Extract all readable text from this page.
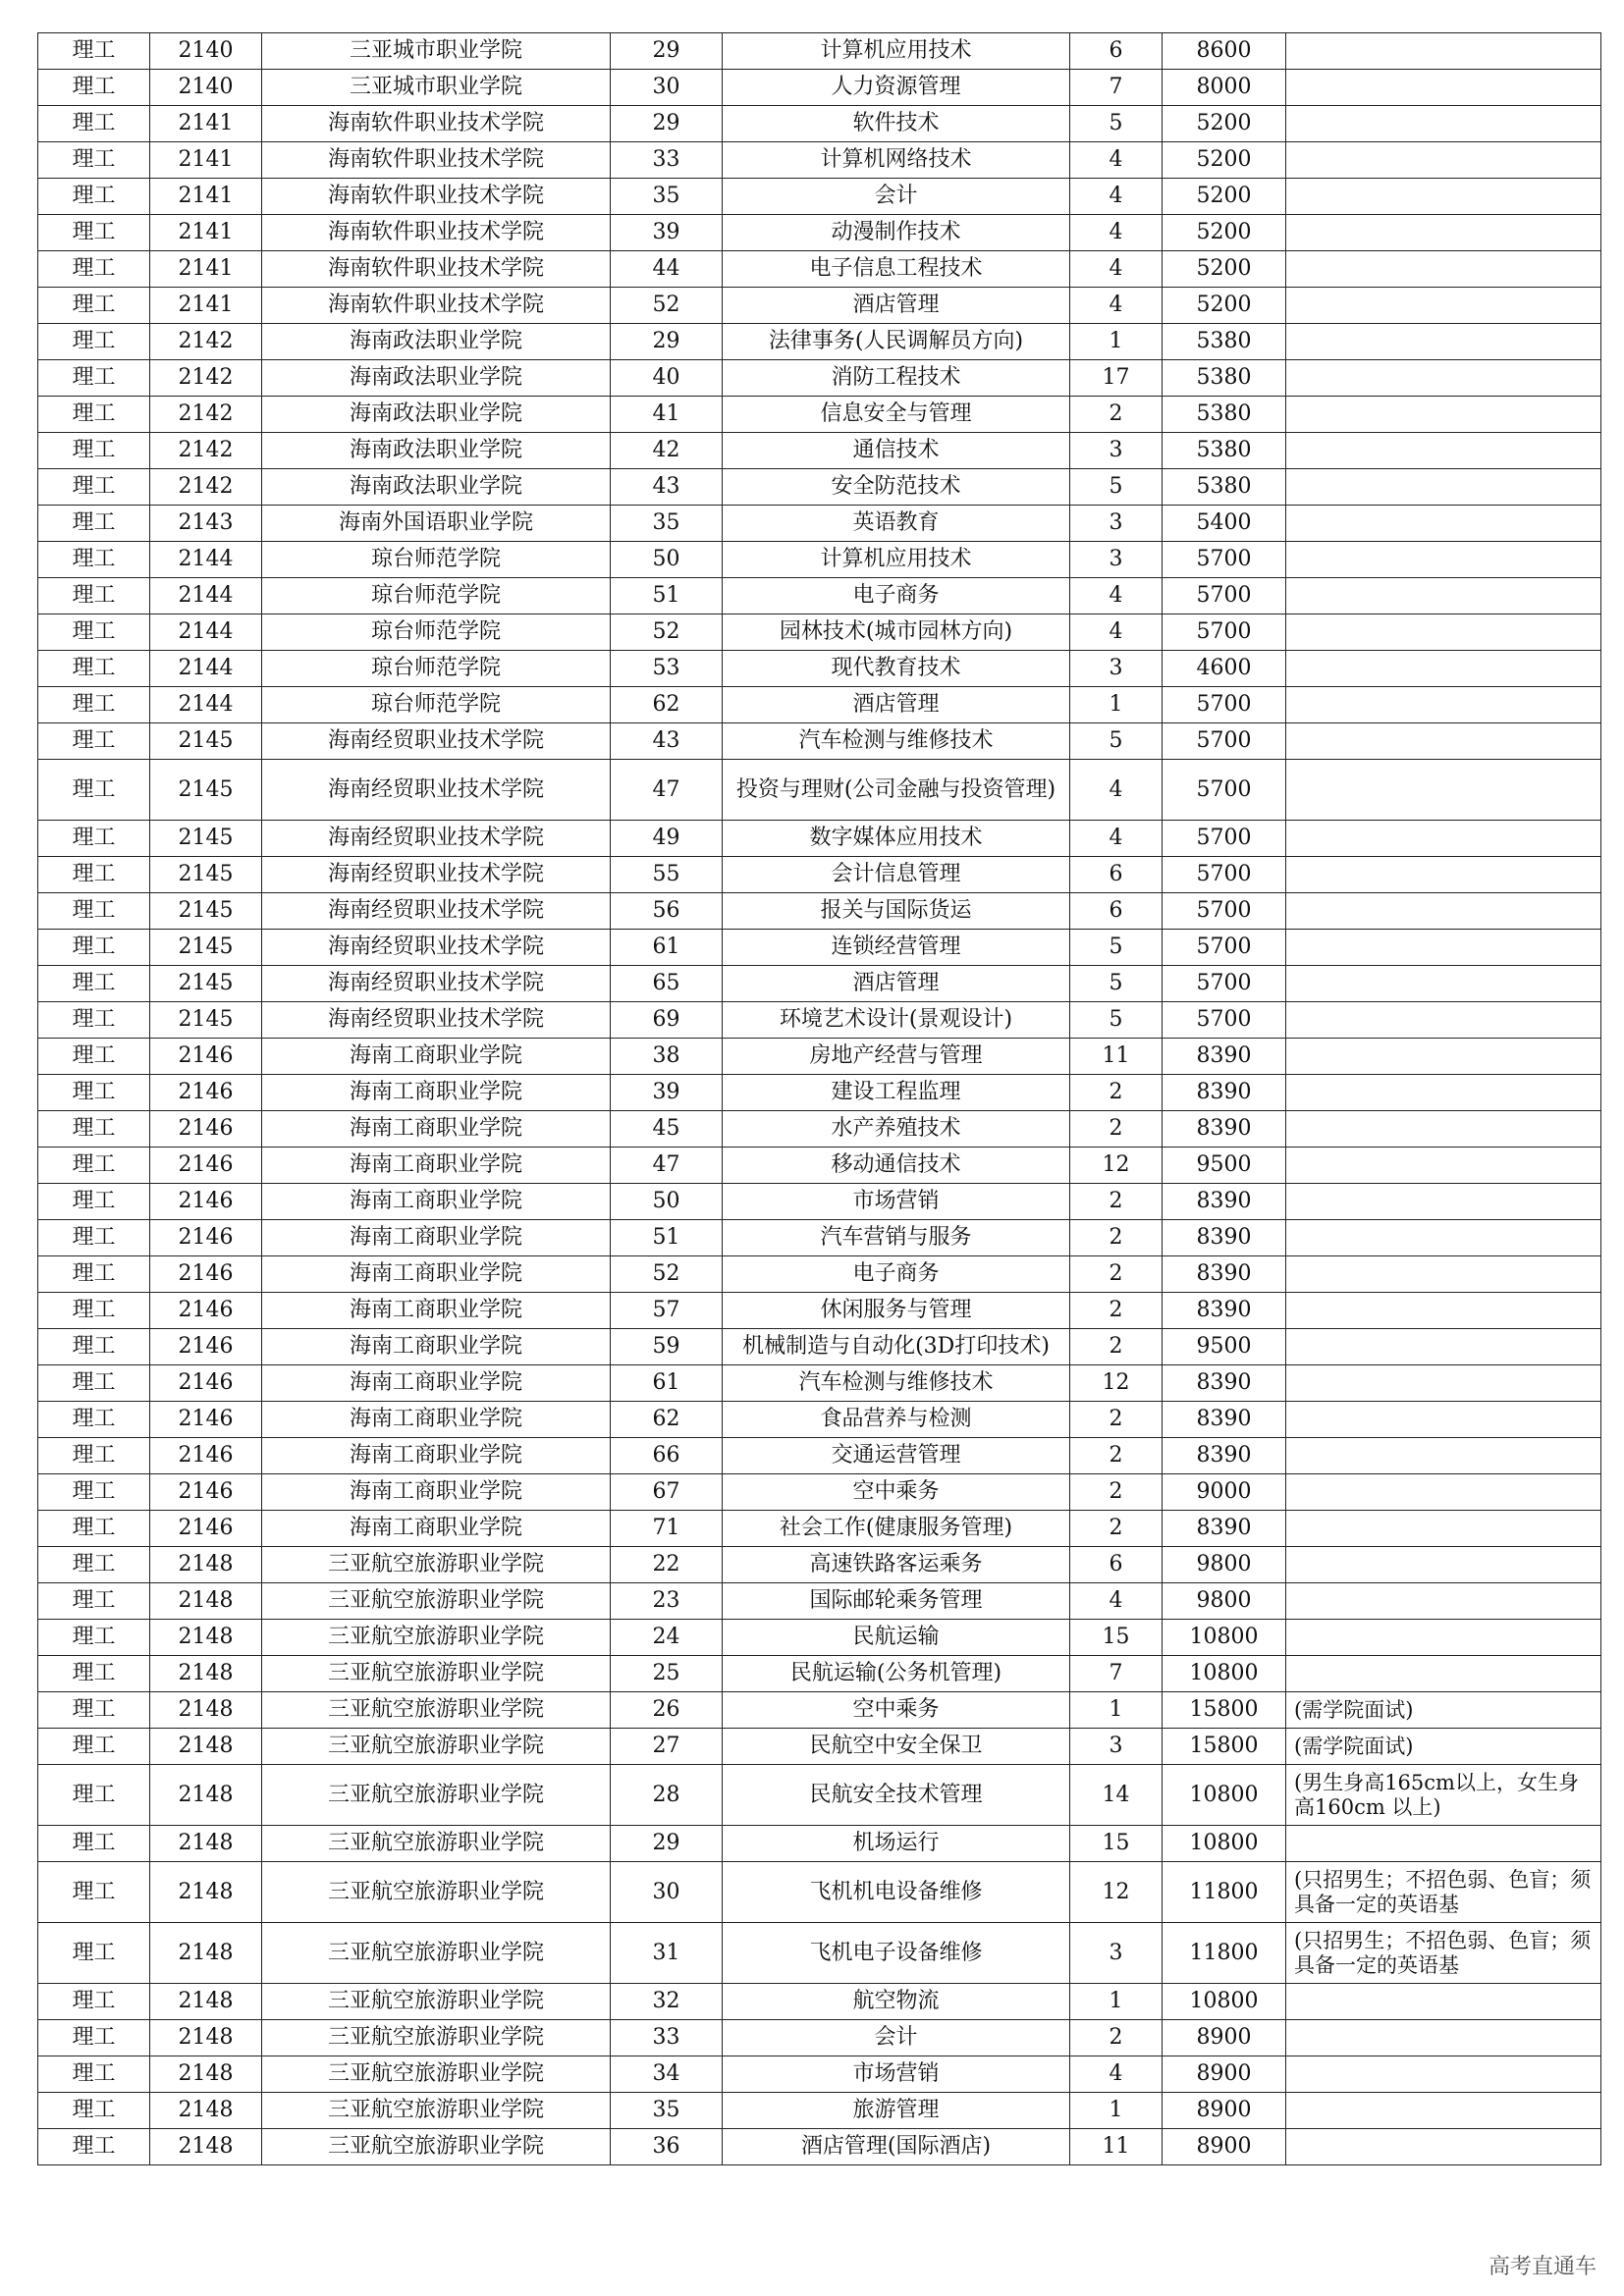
理工	2140	三亚城市职业学院	29	计算机应用技术	6	8600	
理工	2140	三亚城市职业学院	30	人力资源管理	7	8000	
理工	2141	海南软件职业技术学院	29	软件技术	5	5200	
理工	2141	海南软件职业技术学院	33	计算机网络技术	4	5200	
理工	2141	海南软件职业技术学院	35	会计	4	5200	
理工	2141	海南软件职业技术学院	39	动漫制作技术	4	5200	
理工	2141	海南软件职业技术学院	44	电子信息工程技术	4	5200	
理工	2141	海南软件职业技术学院	52	酒店管理	4	5200	
理工	2142	海南政法职业学院	29	法律事务(人民调解员方向)	1	5380	
理工	2142	海南政法职业学院	40	消防工程技术	17	5380	
理工	2142	海南政法职业学院	41	信息安全与管理	2	5380	
理工	2142	海南政法职业学院	42	通信技术	3	5380	
理工	2142	海南政法职业学院	43	安全防范技术	5	5380	
理工	2143	海南外国语职业学院	35	英语教育	3	5400	
理工	2144	琼台师范学院	50	计算机应用技术	3	5700	
理工	2144	琼台师范学院	51	电子商务	4	5700	
理工	2144	琼台师范学院	52	园林技术(城市园林方向)	4	5700	
理工	2144	琼台师范学院	53	现代教育技术	3	4600	
理工	2144	琼台师范学院	62	酒店管理	1	5700	
理工	2145	海南经贸职业技术学院	43	汽车检测与维修技术	5	5700	
理工	2145	海南经贸职业技术学院	47	投资与理财(公司金融与投资管理)	4	5700	
理工	2145	海南经贸职业技术学院	49	数字媒体应用技术	4	5700	
理工	2145	海南经贸职业技术学院	55	会计信息管理	6	5700	
理工	2145	海南经贸职业技术学院	56	报关与国际货运	6	5700	
理工	2145	海南经贸职业技术学院	61	连锁经营管理	5	5700	
理工	2145	海南经贸职业技术学院	65	酒店管理	5	5700	
理工	2145	海南经贸职业技术学院	69	环境艺术设计(景观设计)	5	5700	
理工	2146	海南工商职业学院	38	房地产经营与管理	11	8390	
理工	2146	海南工商职业学院	39	建设工程监理	2	8390	
理工	2146	海南工商职业学院	45	水产养殖技术	2	8390	
理工	2146	海南工商职业学院	47	移动通信技术	12	9500	
理工	2146	海南工商职业学院	50	市场营销	2	8390	
理工	2146	海南工商职业学院	51	汽车营销与服务	2	8390	
理工	2146	海南工商职业学院	52	电子商务	2	8390	
理工	2146	海南工商职业学院	57	休闲服务与管理	2	8390	
理工	2146	海南工商职业学院	59	机械制造与自动化(3D打印技术)	2	9500	
理工	2146	海南工商职业学院	61	汽车检测与维修技术	12	8390	
理工	2146	海南工商职业学院	62	食品营养与检测	2	8390	
理工	2146	海南工商职业学院	66	交通运营管理	2	8390	
理工	2146	海南工商职业学院	67	空中乘务	2	9000	
理工	2146	海南工商职业学院	71	社会工作(健康服务管理)	2	8390	
理工	2148	三亚航空旅游职业学院	22	高速铁路客运乘务	6	9800	
理工	2148	三亚航空旅游职业学院	23	国际邮轮乘务管理	4	9800	
理工	2148	三亚航空旅游职业学院	24	民航运输	15	10800	
理工	2148	三亚航空旅游职业学院	25	民航运输(公务机管理)	7	10800	
理工	2148	三亚航空旅游职业学院	26	空中乘务	1	15800	(需学院面试)
理工	2148	三亚航空旅游职业学院	27	民航空中安全保卫	3	15800	(需学院面试)
理工	2148	三亚航空旅游职业学院	28	民航安全技术管理	14	10800	(男生身高165cm以上，女生身高160cm 以上)
理工	2148	三亚航空旅游职业学院	29	机场运行	15	10800	
理工	2148	三亚航空旅游职业学院	30	飞机机电设备维修	12	11800	(只招男生；不招色弱、色盲；须具备一定的英语基
理工	2148	三亚航空旅游职业学院	31	飞机电子设备维修	3	11800	(只招男生；不招色弱、色盲；须具备一定的英语基
理工	2148	三亚航空旅游职业学院	32	航空物流	1	10800	
理工	2148	三亚航空旅游职业学院	33	会计	2	8900	
理工	2148	三亚航空旅游职业学院	34	市场营销	4	8900	
理工	2148	三亚航空旅游职业学院	35	旅游管理	1	8900	
理工	2148	三亚航空旅游职业学院	36	酒店管理(国际酒店)	11	8900	
高考直通车
